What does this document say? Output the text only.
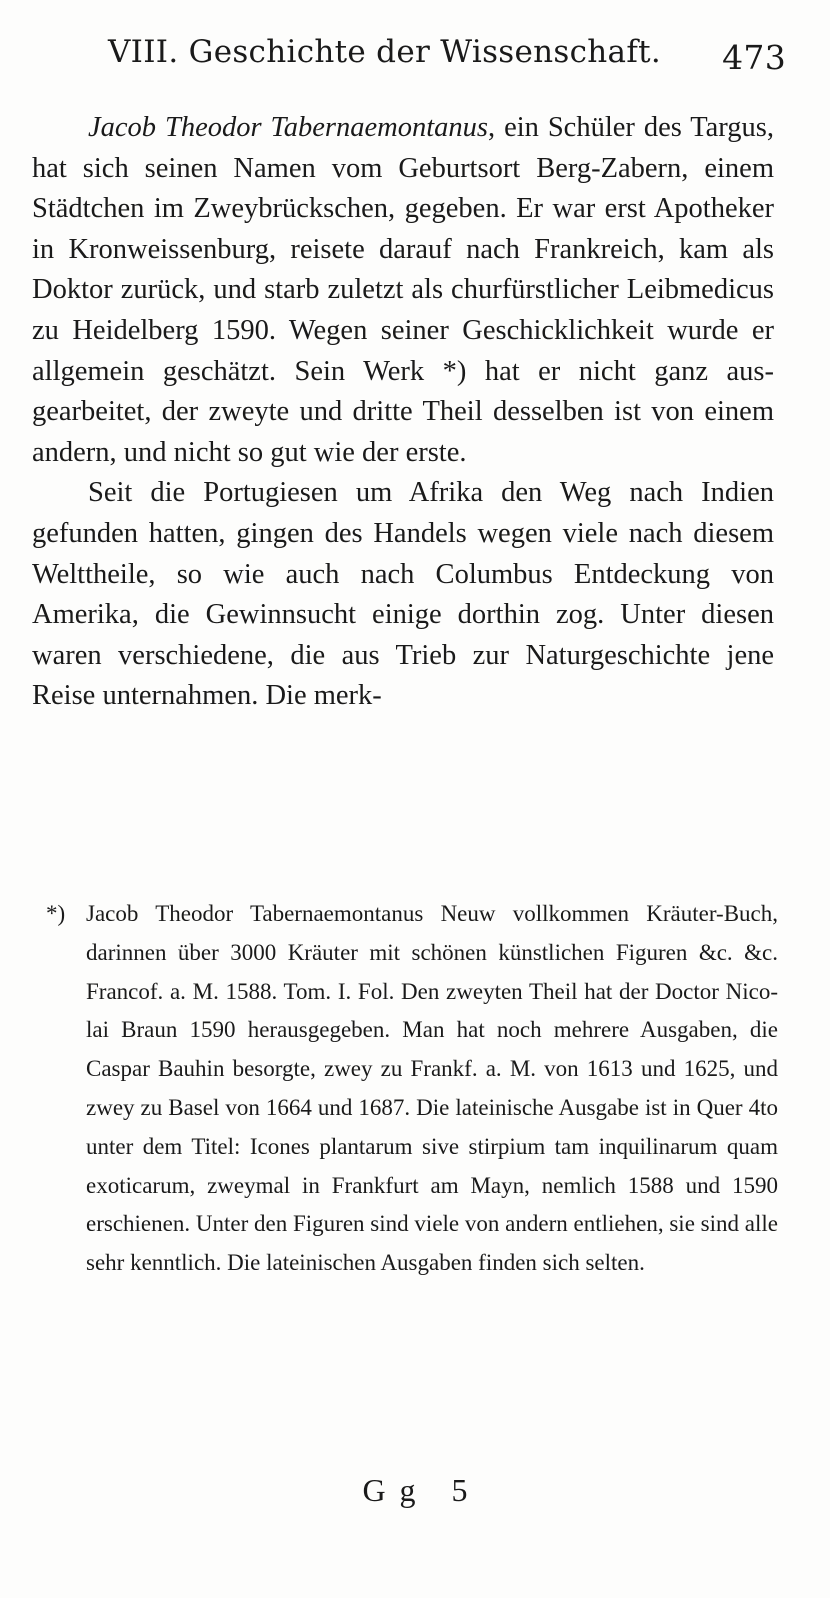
VIII. Geschichte der Wissenschaft. 473

Jacob Theodor Tabernaemontanus, ein Schüler des Targus, hat sich seinen Namen vom Geburtsort Berg-Zabern, einem Städtchen im Zweybrückschen, gegeben. Er war erst Apotheker in Kronweissenburg, reisete darauf nach Frankreich, kam als Doktor zurück, und starb zuletzt als churfürstlicher Leibmedicus zu Heidelberg 1590. Wegen seiner Geschicklichkeit wurde er allgemein geschätzt. Sein Werk *) hat er nicht ganz ausgearbeitet, der zweyte und dritte Theil desselben ist von einem andern, und nicht so gut wie der erste.

Seit die Portugiesen um Afrika den Weg nach Indien gefunden hatten, gingen des Handels wegen viele nach diesem Welttheile, so wie auch nach Columbus Entdeckung von Amerika, die Gewinnsucht einige dorthin zog. Unter diesen waren verschiedene, die aus Trieb zur Naturgeschichte jene Reise unternahmen. Die merk-

*) Jacob Theodor Tabernaemontanus Neuw vollkommen Kräuter-Buch, darinnen über 3000 Kräuter mit schönen künstlichen Figuren &c. &c. Francof. a. M. 1588. Tom. I. Fol. Den zweyten Theil hat der Doctor Nicolai Braun 1590 herausgegeben. Man hat noch mehrere Ausgaben, die Caspar Bauhin besorgte, zwey zu Frankf. a. M. von 1613 und 1625, und zwey zu Basel von 1664 und 1687. Die lateinische Ausgabe ist in Quer 4to unter dem Titel: Icones plantarum sive stirpium tam inquilinarum quam exoticarum, zweymal in Frankfurt am Mayn, nemlich 1588 und 1590 erschienen. Unter den Figuren sind viele von andern entliehen, sie sind alle sehr kenntlich. Die lateinischen Ausgaben finden sich selten.
Gg 5
